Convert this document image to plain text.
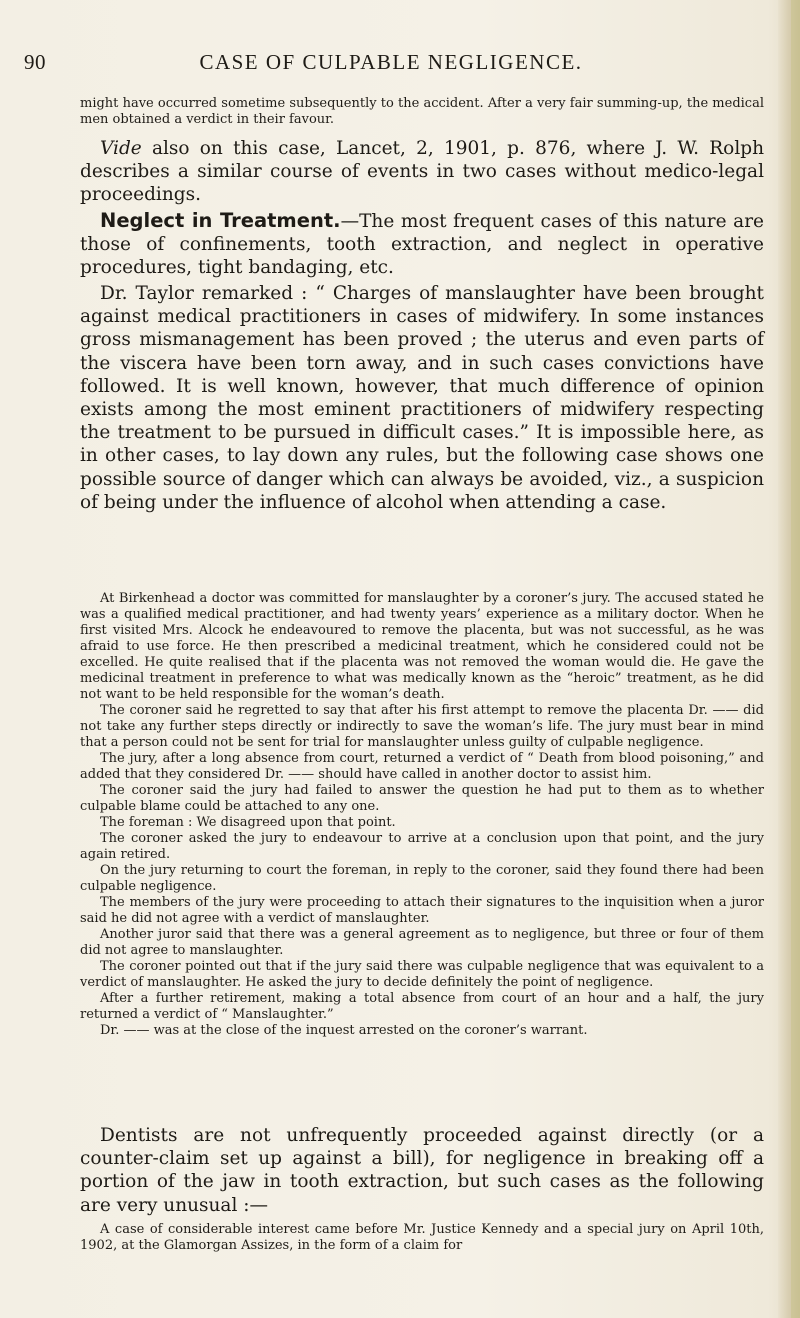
90	CASE OF CULPABLE NEGLIGENCE.

might have occurred sometime subsequently to the accident. After a very fair summing-up, the medical men obtained a verdict in their favour.

Vide also on this case, Lancet, 2, 1901, p. 876, where J. W. Rolph describes a similar course of events in two cases without medico-legal proceedings.

Neglect in Treatment.—The most frequent cases of this nature are those of confinements, tooth extraction, and neglect in operative procedures, tight bandaging, etc.

Dr. Taylor remarked : “ Charges of manslaughter have been brought against medical practitioners in cases of midwifery. In some instances gross mismanagement has been proved ; the uterus and even parts of the viscera have been torn away, and in such cases convictions have followed. It is well known, however, that much difference of opinion exists among the most eminent practitioners of midwifery respecting the treatment to be pursued in difficult cases.” It is impossible here, as in other cases, to lay down any rules, but the following case shows one possible source of danger which can always be avoided, viz., a suspicion of being under the influence of alcohol when attending a case.

At Birkenhead a doctor was committed for manslaughter by a coroner’s jury. The accused stated he was a qualified medical practitioner, and had twenty years’ experience as a military doctor. When he first visited Mrs. Alcock he endeavoured to remove the placenta, but was not successful, as he was afraid to use force. He then prescribed a medicinal treatment, which he considered could not be excelled. He quite realised that if the placenta was not removed the woman would die. He gave the medicinal treatment in preference to what was medically known as the “heroic” treatment, as he did not want to be held responsible for the woman’s death.

The coroner said he regretted to say that after his first attempt to remove the placenta Dr. —— did not take any further steps directly or indirectly to save the woman’s life. The jury must bear in mind that a person could not be sent for trial for manslaughter unless guilty of culpable negligence.

The jury, after a long absence from court, returned a verdict of “ Death from blood poisoning,” and added that they considered Dr. —— should have called in another doctor to assist him.

The coroner said the jury had failed to answer the question he had put to them as to whether culpable blame could be attached to any one.

The foreman : We disagreed upon that point.

The coroner asked the jury to endeavour to arrive at a conclusion upon that point, and the jury again retired.

On the jury returning to court the foreman, in reply to the coroner, said they found there had been culpable negligence.

The members of the jury were proceeding to attach their signatures to the inquisition when a juror said he did not agree with a verdict of manslaughter.

Another juror said that there was a general agreement as to negligence, but three or four of them did not agree to manslaughter.

The coroner pointed out that if the jury said there was culpable negligence that was equivalent to a verdict of manslaughter. He asked the jury to decide definitely the point of negligence.

After a further retirement, making a total absence from court of an hour and a half, the jury returned a verdict of “ Manslaughter.”

Dr. —— was at the close of the inquest arrested on the coroner’s warrant.

Dentists are not unfrequently proceeded against directly (or a counter-claim set up against a bill), for negligence in breaking off a portion of the jaw in tooth extraction, but such cases as the following are very unusual :—

A case of considerable interest came before Mr. Justice Kennedy and a special jury on April 10th, 1902, at the Glamorgan Assizes, in the form of a claim for
